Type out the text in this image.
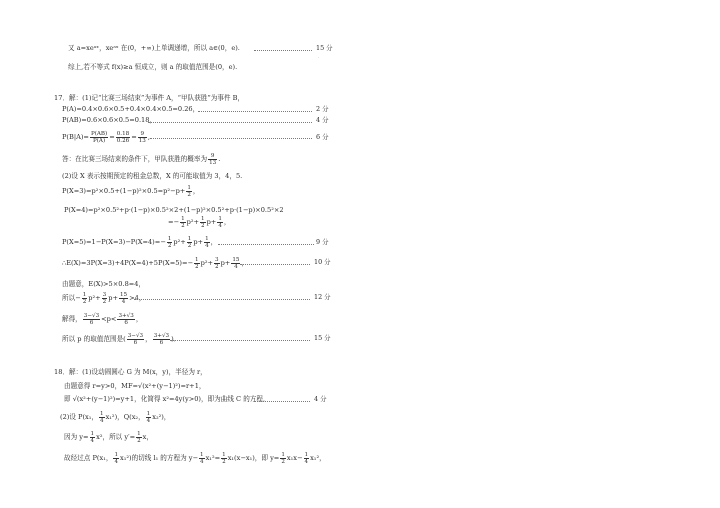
又 a=xeᵃˣ，xeᵃˣ 在(0，+∞)上单调递增，所以 a∈(0，e).	15 分
·
综上,若不等式 f(x)≥a 恒成立，则 a 的取值范围是(0，e).
17．解：(1)记“比赛三场结束”为事件 A，“甲队获胜”为事件 B，
P(A)=0.4×0.6×0.5+0.4×0.4×0.5=0.26，	2 分
P(AB)=0.6×0.6×0.5=0.18，	4 分
$P(B|A)= \frac{P(AB)}{P(A)} = \frac{0.18}{0.26} = \frac{9}{13}$ ,	6 分
答：在比赛三场结束的条件下，甲队获胜的概率为 $\frac{9}{13}$ .
(2)设 X 表示按期预定的租金总数，X 的可能取值为 3，4，5.
$P(X=3)=p^2\times 0.5+(1-p)^2\times 0.5=p^2-p+ \frac{1}{2}$ ，
P(X=4)=p²×0.5²+p·(1−p)×0.5²×2+(1−p)²×0.5²+p·(1−p)×0.5²×2
=− $\frac{1}{2} p^2+ \frac{1}{2} p+ \frac{1}{4}$ ，
$P(X=5)=1-P(X=3)-P(X=4)=- \frac{1}{2} p^2+ \frac{1}{2} p+ \frac{1}{4}$ ，	9 分
∴E(X)=3P(X=3)+4P(X=4)+5P(X=5)=− $\frac{1}{2} p^2+ \frac{3}{2} p+ \frac{15}{4}$ ，	10 分
由题意，E(X)>5×0.8=4，
所以− $\frac{1}{2} p^2+ \frac{3}{2} p+ \frac{15}{4} >4$，	12 分
解得， $\frac{3-√3}{6} <p< \frac{3+√3}{6}$ ，
所以 p 的取值范围是( $\frac{3-√3}{6}$ ， $\frac{3+√3}{6}$ )．	15 分
18．解：(1)设动圆圆心 G 为 M(x，y)，半径为 r，
由题意得 r=y>0，MF=√(x²+(y−1)²)=r+1，
即 √(x²+(y−1)²)=y+1，化简得 x²=4y(y>0)，即为曲线 C 的方程．	4 分
(2)设 P(x₁， $\frac{1}{4} x_1^2$)，Q(x₂， $\frac{1}{4} x_2^2$)，
因为 $y= \frac{1}{4} x^2$，所以 $y'= \frac{1}{2}$ x，
故经过点 P(x₁， $\frac{1}{4} x_1^2$)的切线 l₁ 的方程为 $y- \frac{1}{4} x_1^2= \frac{1}{2} x_1(x-x_1)$，即 $y= \frac{1}{2} x_1x- \frac{1}{4} x_1^2$，
